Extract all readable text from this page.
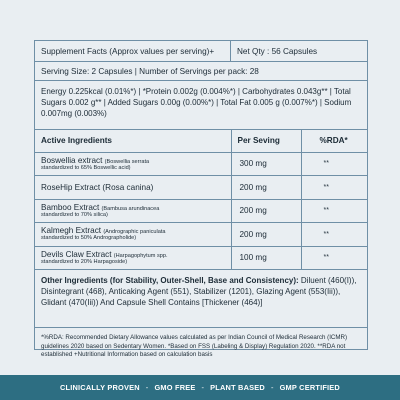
Supplement Facts (Approx values per serving)+	Net Qty : 56 Capsules
Serving Size: 2 Capsules | Number of Servings per pack: 28
Energy 0.225kcal (0.01%*) | *Protein 0.002g (0.004%*) | Carbohydrates 0.043g** | Total Sugars 0.002 g** | Added Sugars 0.00g (0.00%*) | Total Fat 0.005 g (0.007%*) | Sodium 0.007mg (0.003%)
Active Ingredients	Per Seving	%RDA*
Boswellia extract (Boswellia serrata
standardized to 65% Boswellic acid)	300 mg	**
RoseHip Extract (Rosa canina)	200 mg	**
Bamboo Extract (Bambusa arundinacea
standardized to 70% silica)	200 mg	**
Kalmegh Extract (Andrographic paniculata
standardized to 50% Andrographolide)	200 mg	**
Devils Claw Extract (Harpagophytum spp.
standardized to 20% Harpagoside)	100 mg	**
Other Ingredients (for Stability, Outer-Shell, Base and Consistency): Diluent (460(I)), Disintegrant (468), Anticaking Agent (551), Stabilizer (1201), Glazing Agent (553(Iii)), Glidant (470(Iii)) And Capsule Shell Contains [Thickener (464)]
*%RDA: Recommended Dietary Allowance values calculated as per Indian Council of Medical Research (ICMR) guidelines 2020 based on Sedentary Women. *Based on FSS (Labeling & Display) Regulation 2020. **RDA not established +Nutritional Information based on calculation basis
CLINICALLY PROVEN - GMO FREE - PLANT BASED - GMP CERTIFIED
